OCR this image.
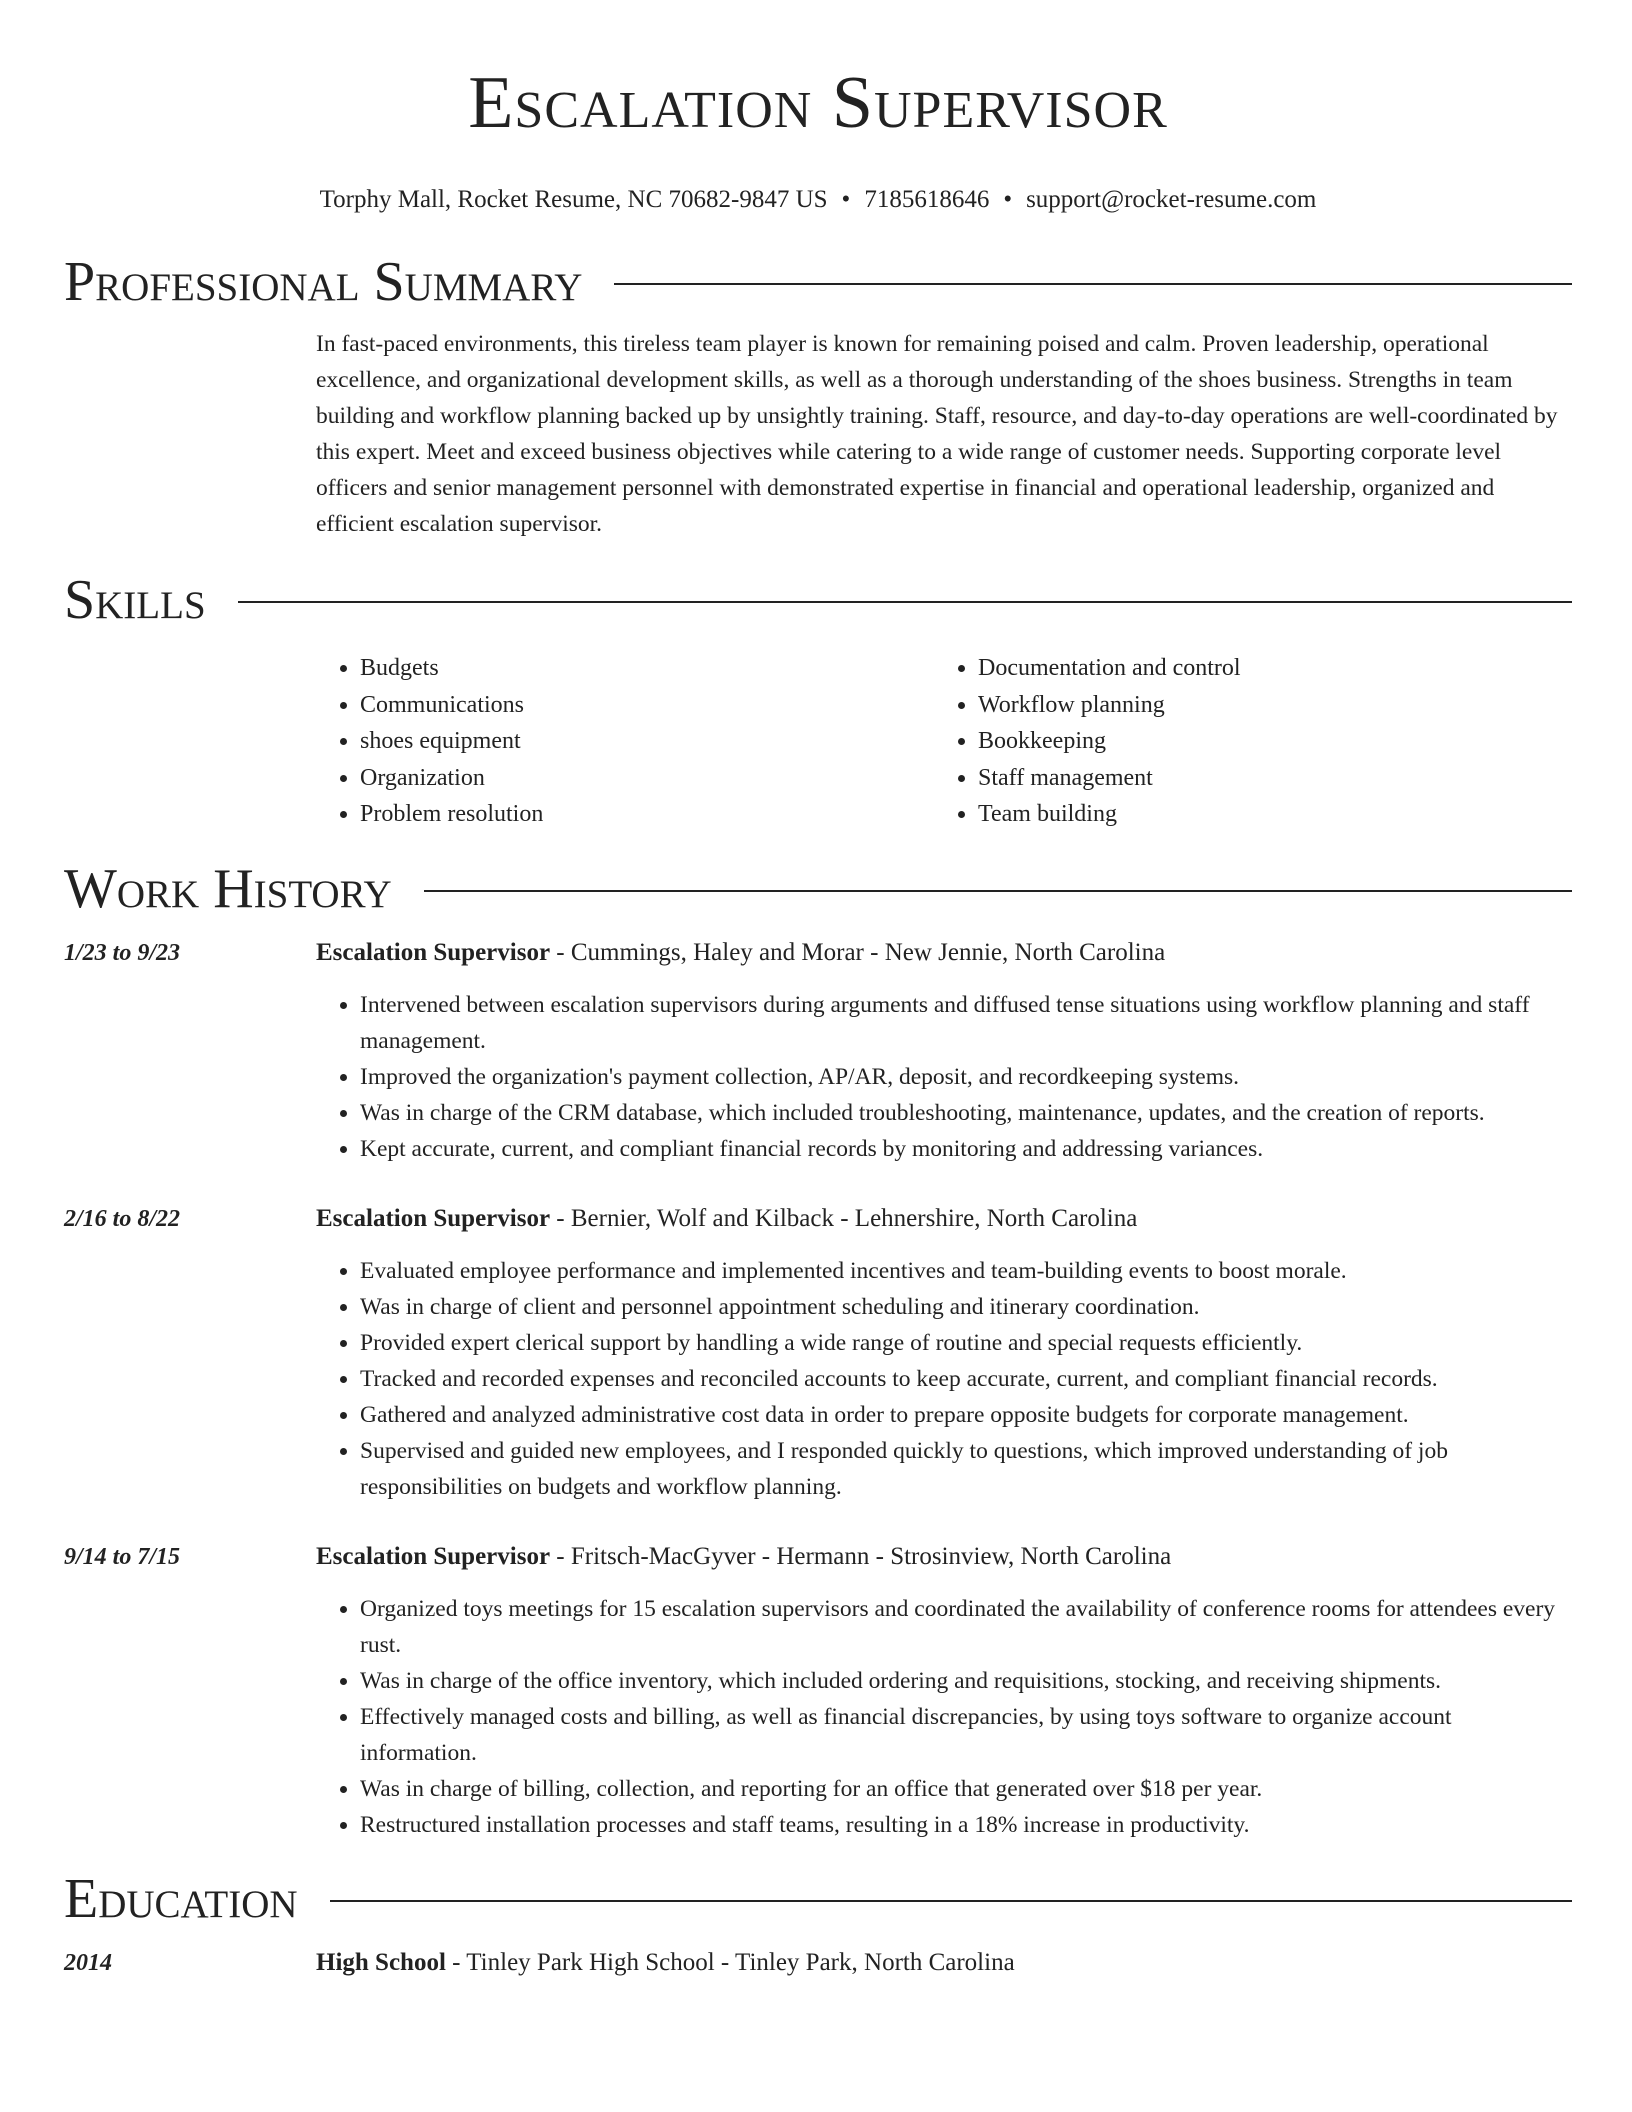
Escalation Supervisor
Torphy Mall, Rocket Resume, NC 70682-9847 US • 7185618646 • support@rocket-resume.com
Professional Summary

In fast-paced environments, this tireless team player is known for remaining poised and calm. Proven leadership, operational excellence, and organizational development skills, as well as a thorough understanding of the shoes business. Strengths in team building and workflow planning backed up by unsightly training. Staff, resource, and day-to-day operations are well-coordinated by this expert. Meet and exceed business objectives while catering to a wide range of customer needs. Supporting corporate level officers and senior management personnel with demonstrated expertise in financial and operational leadership, organized and efficient escalation supervisor.

Skills
• Budgets
• Communications
• shoes equipment
• Organization
• Problem resolution
• Documentation and control
• Workflow planning
• Bookkeeping
• Staff management
• Team building
Work History
1/23 to 9/23	Escalation Supervisor - Cummings, Haley and Morar - New Jennie, North Carolina
• Intervened between escalation supervisors during arguments and diffused tense situations using workflow planning and staff management.
• Improved the organization's payment collection, AP/AR, deposit, and recordkeeping systems.
• Was in charge of the CRM database, which included troubleshooting, maintenance, updates, and the creation of reports.
• Kept accurate, current, and compliant financial records by monitoring and addressing variances.
2/16 to 8/22	Escalation Supervisor - Bernier, Wolf and Kilback - Lehnershire, North Carolina
• Evaluated employee performance and implemented incentives and team-building events to boost morale.
• Was in charge of client and personnel appointment scheduling and itinerary coordination.
• Provided expert clerical support by handling a wide range of routine and special requests efficiently.
• Tracked and recorded expenses and reconciled accounts to keep accurate, current, and compliant financial records.
• Gathered and analyzed administrative cost data in order to prepare opposite budgets for corporate management.
• Supervised and guided new employees, and I responded quickly to questions, which improved understanding of job responsibilities on budgets and workflow planning.
9/14 to 7/15	Escalation Supervisor - Fritsch-MacGyver - Hermann - Strosinview, North Carolina
• Organized toys meetings for 15 escalation supervisors and coordinated the availability of conference rooms for attendees every rust.
• Was in charge of the office inventory, which included ordering and requisitions, stocking, and receiving shipments.
• Effectively managed costs and billing, as well as financial discrepancies, by using toys software to organize account information.
• Was in charge of billing, collection, and reporting for an office that generated over $18 per year.
• Restructured installation processes and staff teams, resulting in a 18% increase in productivity.
Education
2014	High School - Tinley Park High School - Tinley Park, North Carolina
